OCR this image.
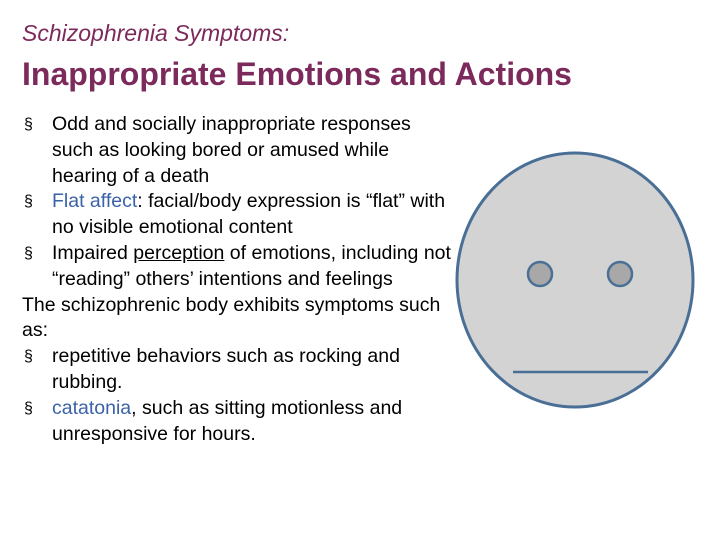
Schizophrenia Symptoms:
Inappropriate Emotions and Actions
§ Odd and socially inappropriate responses such as looking bored or amused while hearing of a death
§ Flat affect: facial/body expression is “flat” with no visible emotional content
§ Impaired perception of emotions, including not “reading” others’ intentions and feelings
The schizophrenic body exhibits symptoms such as:
§ repetitive behaviors such as rocking and rubbing.
§ catatonia, such as sitting motionless and unresponsive for hours.
